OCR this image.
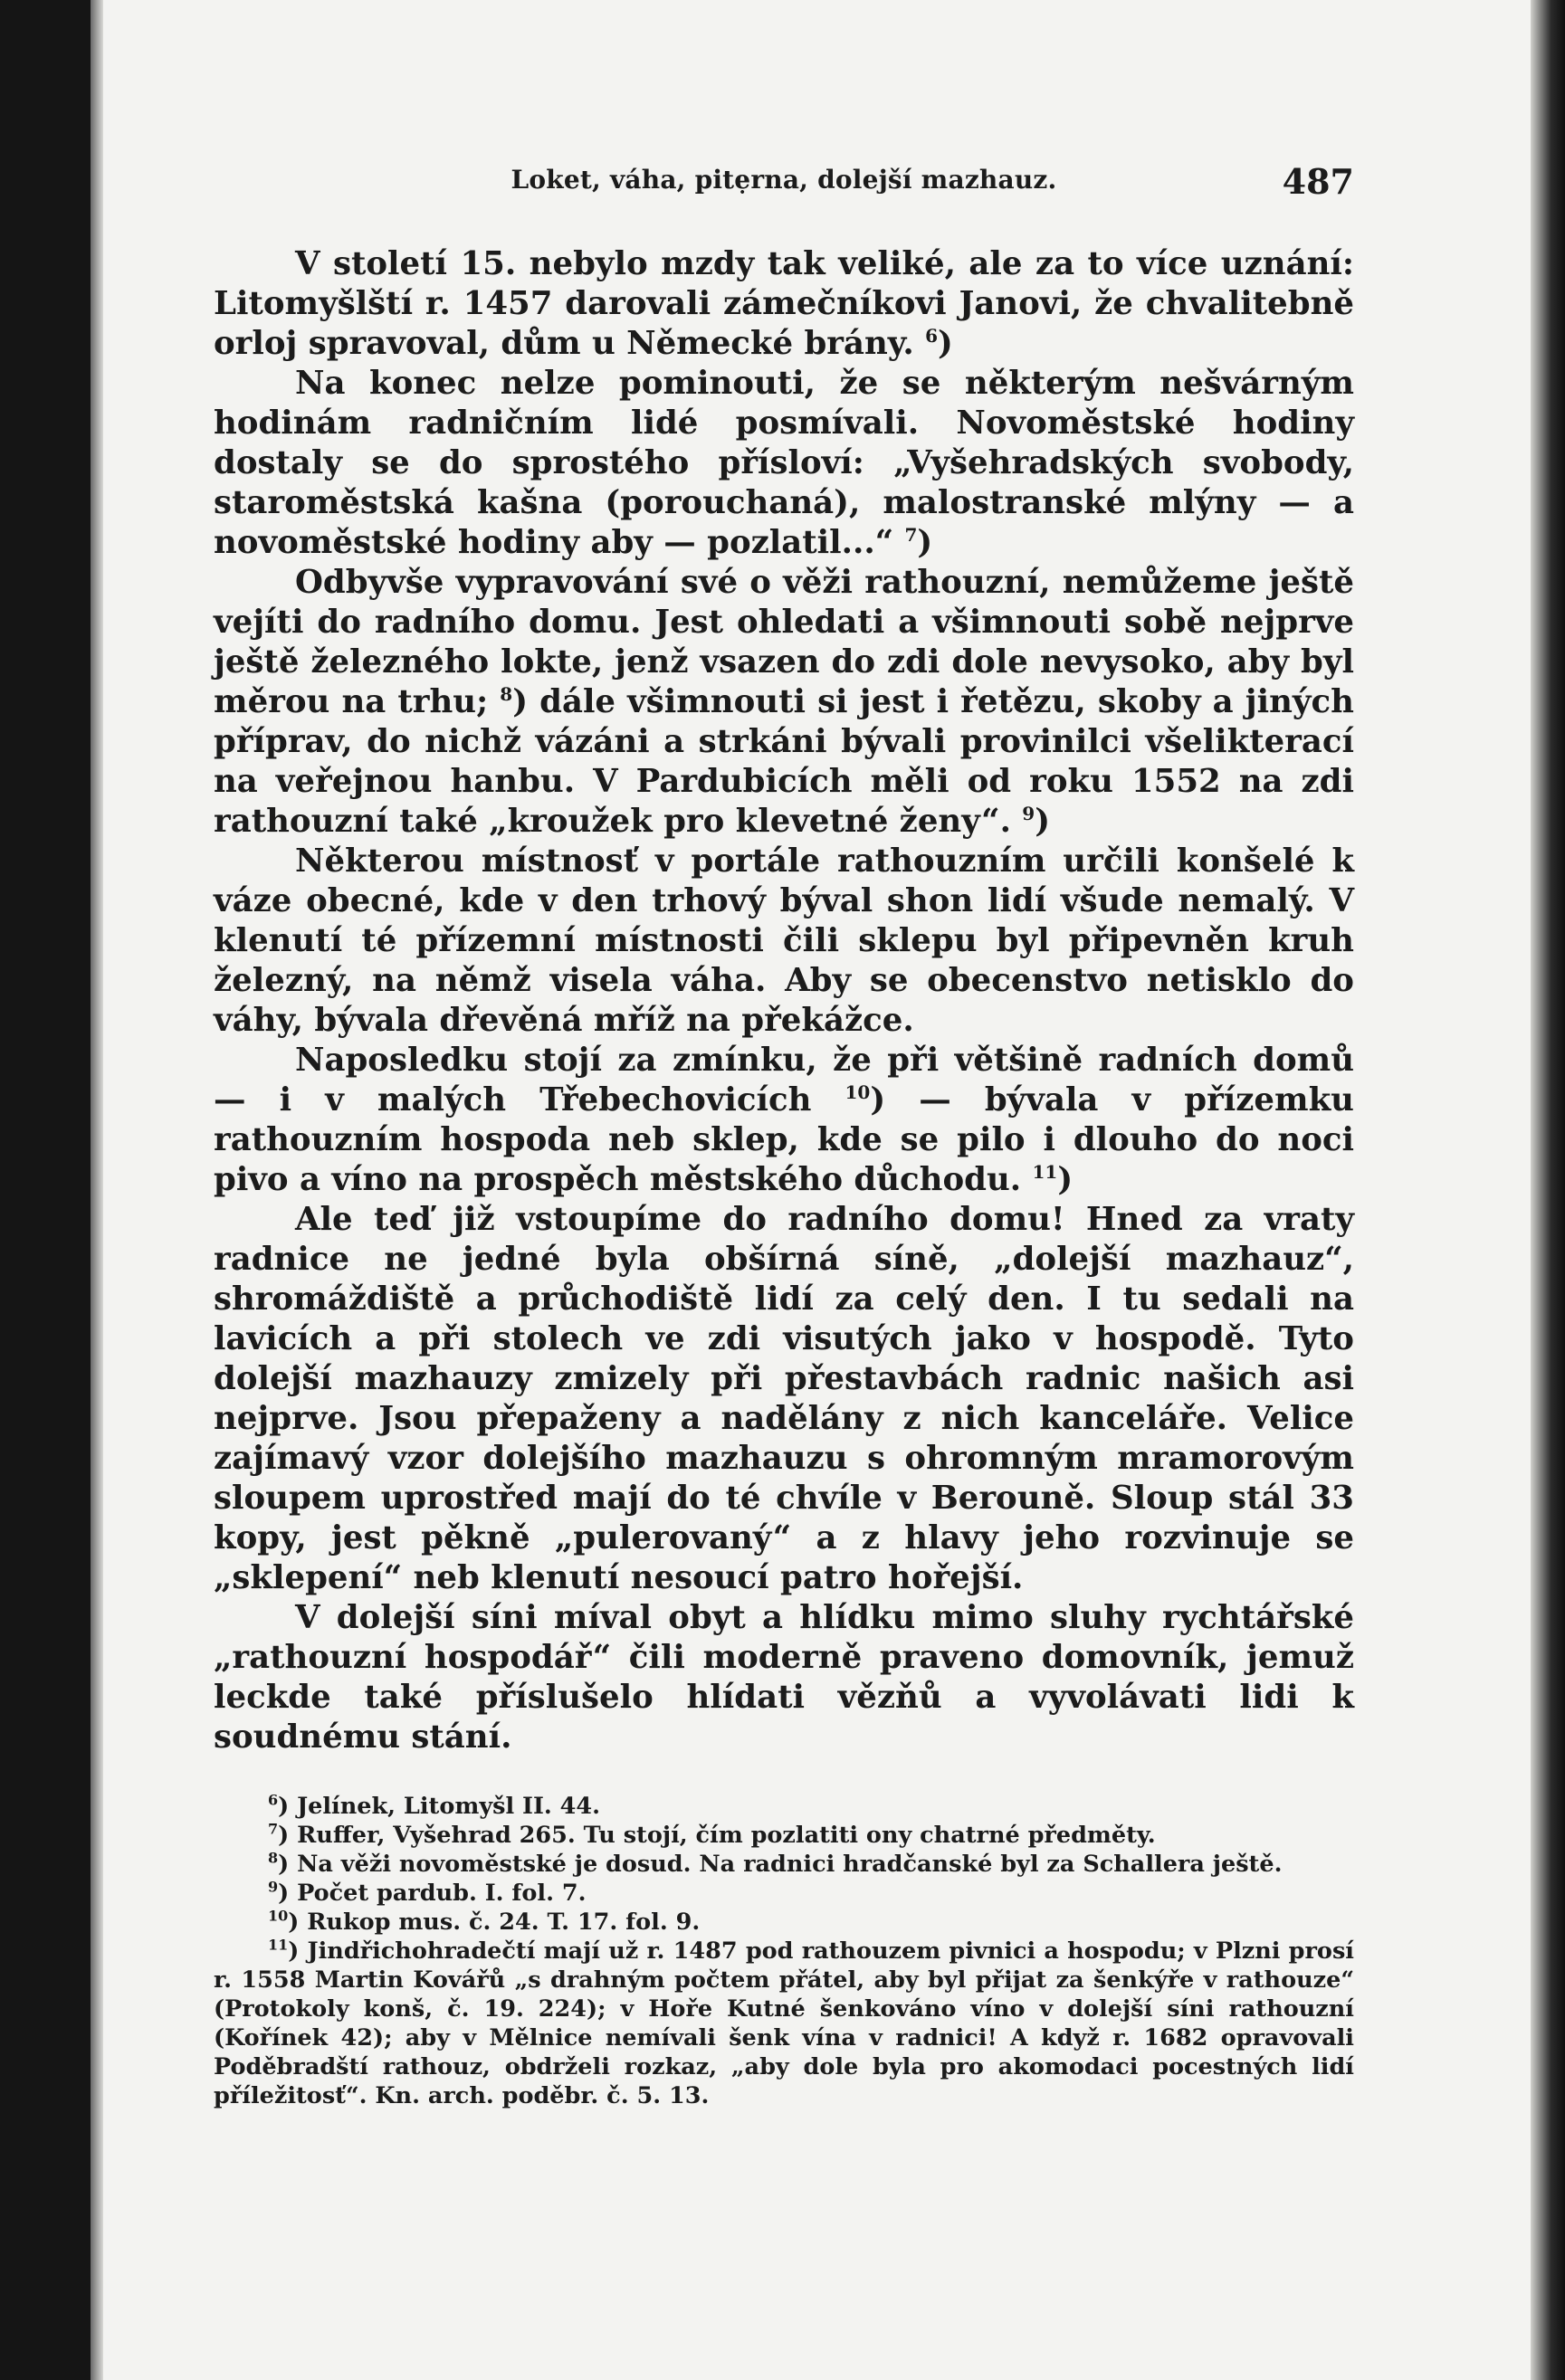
Loket, váha, pitẹrna, dolejší mazhauz.	487

V století 15. nebylo mzdy tak veliké, ale za to více uznání: Litomyšlští r. 1457 darovali zámečníkovi Janovi, že chvalitebně orloj spravoval, dům u Německé brány. $^6$)

Na konec nelze pominouti, že se některým nešvárným hodinám radničním lidé posmívali. Novoměstské hodiny dostaly se do sprostého přísloví: „Vyšehradských svobody, staroměstská kašna (porouchaná), malostranské mlýny — a novoměstské hodiny aby — pozlatil...“ $^7$)

Odbyvše vypravování své o věži rathouzní, nemůžeme ještě vejíti do radního domu. Jest ohledati a všimnouti sobě nejprve ještě železného lokte, jenž vsazen do zdi dole nevysoko, aby byl měrou na trhu; $^8$) dále všimnouti si jest i řetězu, skoby a jiných příprav, do nichž vázáni a strkáni bývali provinilci všelikterací na veřejnou hanbu. V Pardubicích měli od roku 1552 na zdi rathouzní také „kroužek pro klevetné ženy“. $^9$)

Některou místnosť v portále rathouzním určili konšelé k váze obecné, kde v den trhový býval shon lidí všude nemalý. V klenutí té přízemní místnosti čili sklepu byl připevněn kruh železný, na němž visela váha. Aby se obecenstvo netisklo do váhy, bývala dřevěná mříž na překážce.

Naposledku stojí za zmínku, že při většině radních domů — i v malých Třebechovicích $^{10}$) — bývala v přízemku rathouzním hospoda neb sklep, kde se pilo i dlouho do noci pivo a víno na prospěch městského důchodu. $^{11}$)

Ale teď již vstoupíme do radního domu! Hned za vraty radnice ne jedné byla obšírná síně, „dolejší mazhauz“, shromáždiště a průchodiště lidí za celý den. I tu sedali na lavicích a při stolech ve zdi visutých jako v hospodě. Tyto dolejší mazhauzy zmizely při přestavbách radnic našich asi nejprve. Jsou přepaženy a nadělány z nich kanceláře. Velice zajímavý vzor dolejšího mazhauzu s ohromným mramorovým sloupem uprostřed mají do té chvíle v Berouně. Sloup stál 33 kopy, jest pěkně „pulerovaný“ a z hlavy jeho rozvinuje se „sklepení“ neb klenutí nesoucí patro hořejší.

V dolejší síni míval obyt a hlídku mimo sluhy rychtářské „rathouzní hospodář“ čili moderně praveno domovník, jemuž leckde také příslušelo hlídati vězňů a vyvolávati lidi k soudnému stání.

$^6$) Jelínek, Litomyšl II. 44.

$^7$) Ruffer, Vyšehrad 265. Tu stojí, čím pozlatiti ony chatrné předměty.

$^8$) Na věži novoměstské je dosud. Na radnici hradčanské byl za Schallera ještě.

$^9$) Počet pardub. I. fol. 7.

$^{10}$) Rukop mus. č. 24. T. 17. fol. 9.

$^{11}$) Jindřichohradečtí mají už r. 1487 pod rathouzem pivnici a hospodu; v Plzni prosí r. 1558 Martin Kovářů „s drahným počtem přátel, aby byl přijat za šenkýře v rathouze“ (Protokoly konš, č. 19. 224); v Hoře Kutné šenkováno víno v dolejší síni rathouzní (Kořínek 42); aby v Mělnice nemívali šenk vína v radnici! A když r. 1682 opravovali Poděbradští rathouz, obdrželi rozkaz, „aby dole byla pro akomodaci pocestných lidí příležitosť“. Kn. arch. poděbr. č. 5. 13.
